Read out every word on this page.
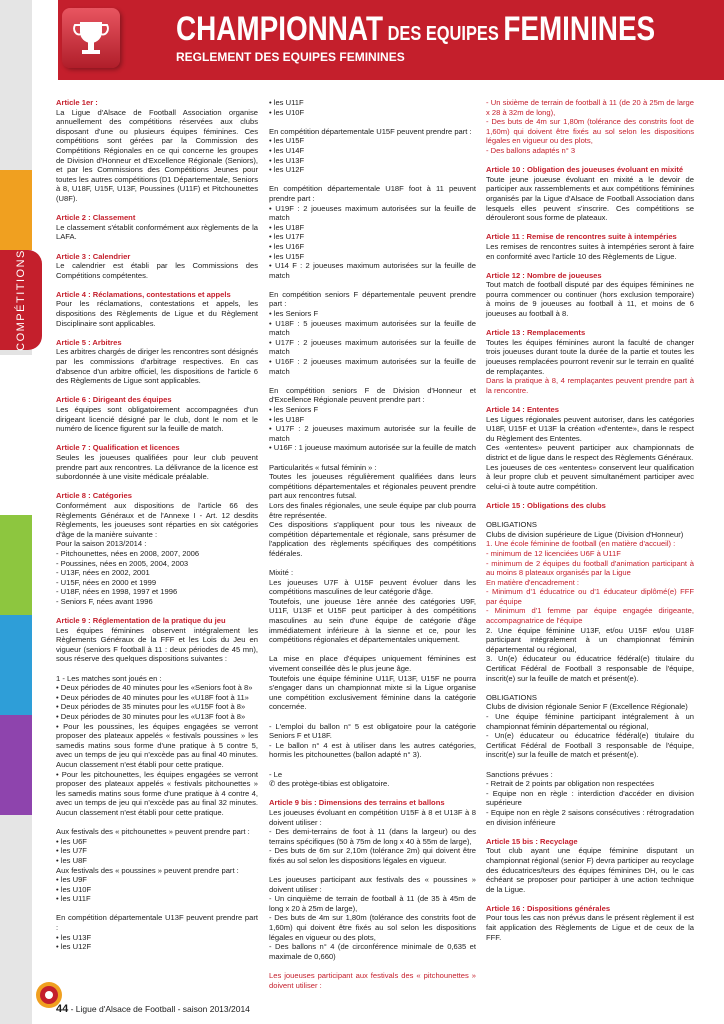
COMPÉTITIONS
CHAMPIONNAT DES EQUIPES FEMININES
REGLEMENT DES EQUIPES FEMININES

Article 1er :

La Ligue d'Alsace de Football Association organise annuellement des compétitions réservées aux clubs disposant d'une ou plusieurs équipes féminines. Ces compétitions sont gérées par la Commission des Compétitions Régionales en ce qui concerne les groupes de Division d'Honneur et d'Excellence Régionale (Seniors), et par les Commissions des Compétitions Jeunes pour toutes les autres compétitions (D1 Départementale, Seniors à 8, U18F, U15F, U13F, Poussines (U11F) et Pitchounettes (U8F).

Article 2 : Classement

Le classement s'établit conformément aux règlements de la LAFA.

Article 3 : Calendrier

Le calendrier est établi par les Commissions des Compétitions compétentes.

Article 4 : Réclamations, contestations et appels

Pour les réclamations, contestations et appels, les dispositions des Règlements de Ligue et du Règlement Disciplinaire sont applicables.

Article 5 : Arbitres

Les arbitres chargés de diriger les rencontres sont désignés par les commissions d'arbitrage respectives. En cas d'absence d'un arbitre officiel, les dispositions de l'article 6 des Règlements de Ligue sont applicables.

Article 6 : Dirigeant des équipes

Les équipes sont obligatoirement accompagnées d'un dirigeant licencié désigné par le club, dont le nom et le numéro de licence figurent sur la feuille de match.

Article 7 : Qualification et licences

Seules les joueuses qualifiées pour leur club peuvent prendre part aux rencontres. La délivrance de la licence est subordonnée à une visite médicale préalable.

Article 8 : Catégories

Conformément aux dispositions de l'article 66 des Règlements Généraux et de l'Annexe I - Art. 12 desdits Règlements, les joueuses sont réparties en six catégories d'âge de la manière suivante :

Pour la saison 2013/2014 :

- Pitchounettes, nées en 2008, 2007, 2006

- Poussines, nées en 2005, 2004, 2003

- U13F, nées en 2002, 2001

- U15F, nées en 2000 et 1999

- U18F, nées en 1998, 1997 et 1996

- Seniors F, nées avant 1996

Article 9 : Réglementation de la pratique du jeu

Les équipes féminines observent intégralement les Règlements Généraux de la FFF et les Lois du Jeu en vigueur (seniors F football à 11 : deux périodes de 45 mn), sous réserve des quelques dispositions suivantes :

1 - Les matches sont joués en :

• Deux périodes de 40 minutes pour les «Seniors foot à 8»

• Deux périodes de 40 minutes pour les «U18F foot à 11»

• Deux périodes de 35 minutes pour les «U15F foot à 8»

• Deux périodes de 30 minutes pour les «U13F foot à 8»

• Pour les poussines, les équipes engagées se verront proposer des plateaux appelés « festivals poussines » les samedis matins sous forme d'une pratique à 5 contre 5, avec un temps de jeu qui n'excède pas au final 40 minutes. Aucun classement n'est établi pour cette pratique.

• Pour les pitchounettes, les équipes engagées se verront proposer des plateaux appelés « festivals pitchounettes » les samedis matins sous forme d'une pratique à 4 contre 4, avec un temps de jeu qui n'excède pas au final 32 minutes. Aucun classement n'est établi pour cette pratique.

Aux festivals des « pitchounettes » peuvent prendre part :

• les U6F

• les U7F

• les U8F

Aux festivals des « poussines » peuvent prendre part :

• les U9F

• les U10F

• les U11F

En compétition départementale U13F peuvent prendre part :

• les U13F

• les U12F

• les U11F

• les U10F

En compétition départementale U15F peuvent prendre part :

• les U15F

• les U14F

• les U13F

• les U12F

En compétition départementale U18F foot à 11 peuvent prendre part :

• U19F : 2 joueuses maximum autorisées sur la feuille de match

• les U18F

• les U17F

• les U16F

• les U15F

• U14 F : 2 joueuses maximum autorisées sur la feuille de match

En compétition seniors F départementale peuvent prendre part :

• les Seniors F

• U18F : 5 joueuses maximum autorisées sur la feuille de match

• U17F : 2 joueuses maximum autorisées sur la feuille de match

• U16F : 2 joueuses maximum autorisées sur la feuille de match

En compétition seniors F de Division d'Honneur et d'Excellence Régionale peuvent prendre part :

• les Seniors F

• les U18F

• U17F : 2 joueuses maximum autorisée sur la feuille de match

• U16F : 1 joueuse maximum autorisée sur la feuille de match

Particularités « futsal féminin » :

Toutes les joueuses régulièrement qualifiées dans leurs compétitions départementales et régionales peuvent prendre part aux rencontres futsal.

Lors des finales régionales, une seule équipe par club pourra être représentée.

Ces dispositions s'appliquent pour tous les niveaux de compétition départementale et régionale, sans présumer de l'application des règlements spécifiques des compétitions fédérales.

Mixité :

Les joueuses U7F à U15F peuvent évoluer dans les compétitions masculines de leur catégorie d'âge.

Toutefois, une joueuse 1ère année des catégories U9F, U11F, U13F et U15F peut participer à des compétitions masculines au sein d'une équipe de catégorie d'âge immédiatement inférieure à la sienne et ce, pour les compétitions régionales et départementales uniquement.

La mise en place d'équipes uniquement féminines est vivement conseillée dès le plus jeune âge.

Toutefois une équipe féminine U11F, U13F, U15F ne pourra s'engager dans un championnat mixte si la Ligue organise une compétition exclusivement féminine dans la catégorie concernée.

- L'emploi du ballon n° 5 est obligatoire pour la catégorie Seniors F et U18F.

- Le ballon n° 4 est à utiliser dans les autres catégories, hormis les pitchounettes (ballon adapté n° 3).

- Le

✆ des protège-tibias est obligatoire.

Article 9 bis : Dimensions des terrains et ballons

Les joueuses évoluant en compétition U15F à 8 et U13F à 8 doivent utiliser :

- Des demi-terrains de foot à 11 (dans la largeur) ou des terrains spécifiques (50 à 75m de long x 40 à 55m de large),

- Des buts de 6m sur 2,10m (tolérance 2m) qui doivent être fixés au sol selon les dispositions légales en vigueur.

Les joueuses participant aux festivals des « poussines » doivent utiliser :

- Un cinquième de terrain de football à 11 (de 35 à 45m de long x 20 à 25m de large),

- Des buts de 4m sur 1,80m (tolérance des constrits foot de 1,60m) qui doivent être fixés au sol selon les dispositions légales en vigueur ou des plots,

- Des ballons n° 4 (de circonférence minimale de 0,635 et maximale de 0,660)

Les joueuses participant aux festivals des « pitchounettes » doivent utiliser :

- Un sixième de terrain de football à 11 (de 20 à 25m de large x 28 à 32m de long),

- Des buts de 4m sur 1,80m (tolérance des constrits foot de 1,60m) qui doivent être fixés au sol selon les dispositions légales en vigueur ou des plots,

- Des ballons adaptés n° 3

Article 10 : Obligation des joueuses évoluant en mixité

Toute jeune joueuse évoluant en mixité a le devoir de participer aux rassemblements et aux compétitions féminines organisés par la Ligue d'Alsace de Football Association dans lesquels elles peuvent s'inscrire. Ces compétitions se dérouleront sous forme de plateaux.

Article 11 : Remise de rencontres suite à intempéries

Les remises de rencontres suites à intempéries seront à faire en conformité avec l'article 10 des Règlements de Ligue.

Article 12 : Nombre de joueuses

Tout match de football disputé par des équipes féminines ne pourra commencer ou continuer (hors exclusion temporaire) à moins de 9 joueuses au football à 11, et moins de 6 joueuses au football à 8.

Article 13 : Remplacements

Toutes les équipes féminines auront la faculté de changer trois joueuses durant toute la durée de la partie et toutes les joueuses remplacées pourront revenir sur le terrain en qualité de remplaçantes.

Dans la pratique à 8, 4 remplaçantes peuvent prendre part à la rencontre.

Article 14 : Ententes

Les Ligues régionales peuvent autoriser, dans les catégories U18F, U15F et U13F la création «d'entente», dans le respect du Règlement des Ententes.

Ces «ententes» peuvent participer aux championnats de district et de ligue dans le respect des Règlements Généraux.

Les joueuses de ces «ententes» conservent leur qualification à leur propre club et peuvent simultanément participer avec celui-ci à toute autre compétition.

Article 15 : Obligations des clubs

OBLIGATIONS

Clubs de division supérieure de Ligue (Division d'Honneur)

1. Une école féminine de football (en matière d'accueil) :

- minimum de 12 licenciées U6F à U11F

- minimum de 2 équipes du football d'animation participant à au moins 8 plateaux organisés par la Ligue

En matière d'encadrement :

- Minimum d'1 éducatrice ou d'1 éducateur diplômé(e) FFF par équipe

- Minimum d'1 femme par équipe engagée dirigeante, accompagnatrice de l'équipe

2. Une équipe féminine U13F, et/ou U15F et/ou U18F participant intégralement à un championnat féminin départemental ou régional,

3. Un(e) éducateur ou éducatrice fédéral(e) titulaire du Certificat Fédéral de Football 3 responsable de l'équipe, inscrit(e) sur la feuille de match et présent(e).

OBLIGATIONS

Clubs de division régionale Senior F (Excellence Régionale)

- Une équipe féminine participant intégralement à un championnat féminin départemental ou régional,

- Un(e) éducateur ou éducatrice fédéral(e) titulaire du Certificat Fédéral de Football 3 responsable de l'équipe, inscrit(e) sur la feuille de match et présent(e).

Sanctions prévues :

- Retrait de 2 points par obligation non respectées

- Equipe non en règle : interdiction d'accéder en division supérieure

- Equipe non en règle 2 saisons consécutives : rétrogradation en division inférieure

Article 15 bis : Recyclage

Tout club ayant une équipe féminine disputant un championnat régional (senior F) devra participer au recyclage des éducatrices/teurs des équipes féminines DH, ou le cas échéant se proposer pour participer à une action technique de la Ligue.

Article 16 : Dispositions générales

Pour tous les cas non prévus dans le présent règlement il est fait application des Règlements de Ligue et de ceux de la FFF.

44 - Ligue d'Alsace de Football - saison 2013/2014
